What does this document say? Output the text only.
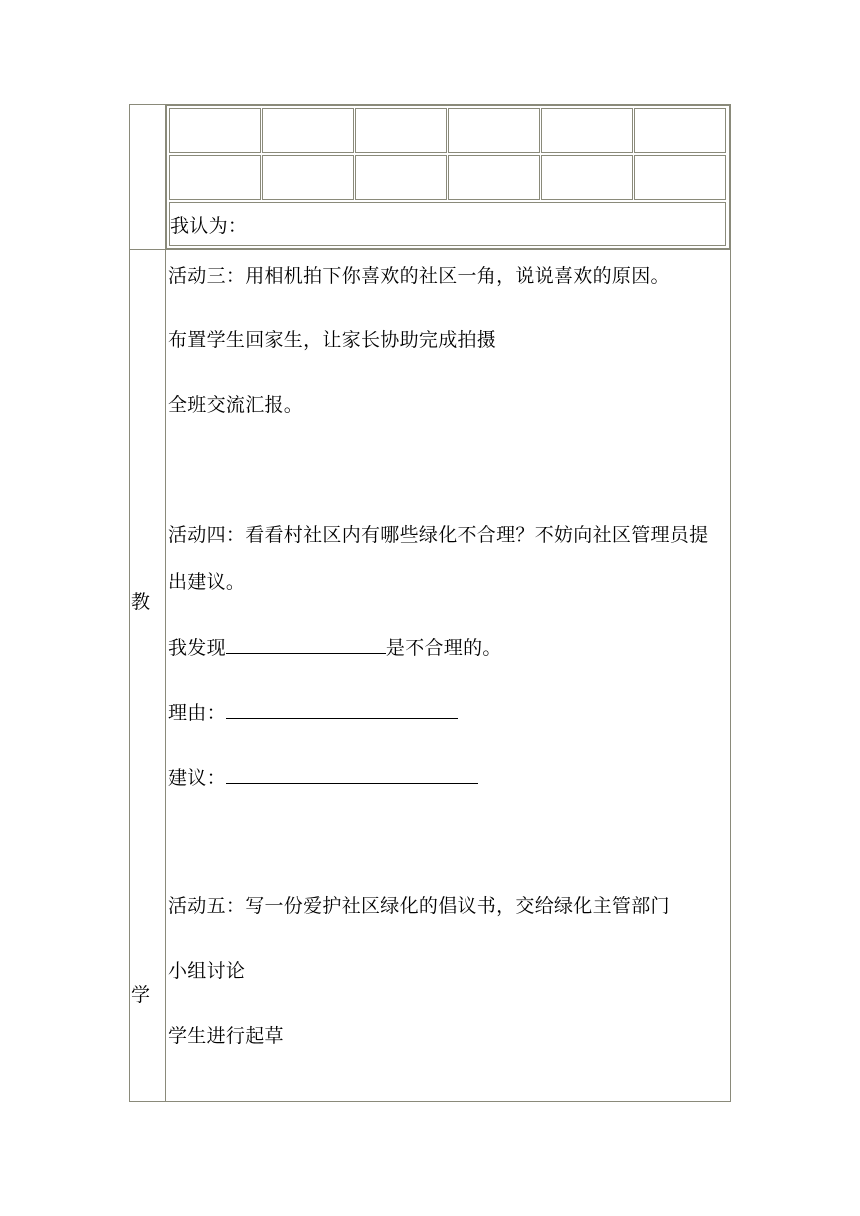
我认为：
教
学
活动三：用相机拍下你喜欢的社区一角，说说喜欢的原因。
布置学生回家生，让家长协助完成拍摄
全班交流汇报。
活动四：看看村社区内有哪些绿化不合理？不妨向社区管理员提
出建议。
我发现	是不合理的。
理由：
建议：
活动五：写一份爱护社区绿化的倡议书，交给绿化主管部门
小组讨论
学生进行起草
